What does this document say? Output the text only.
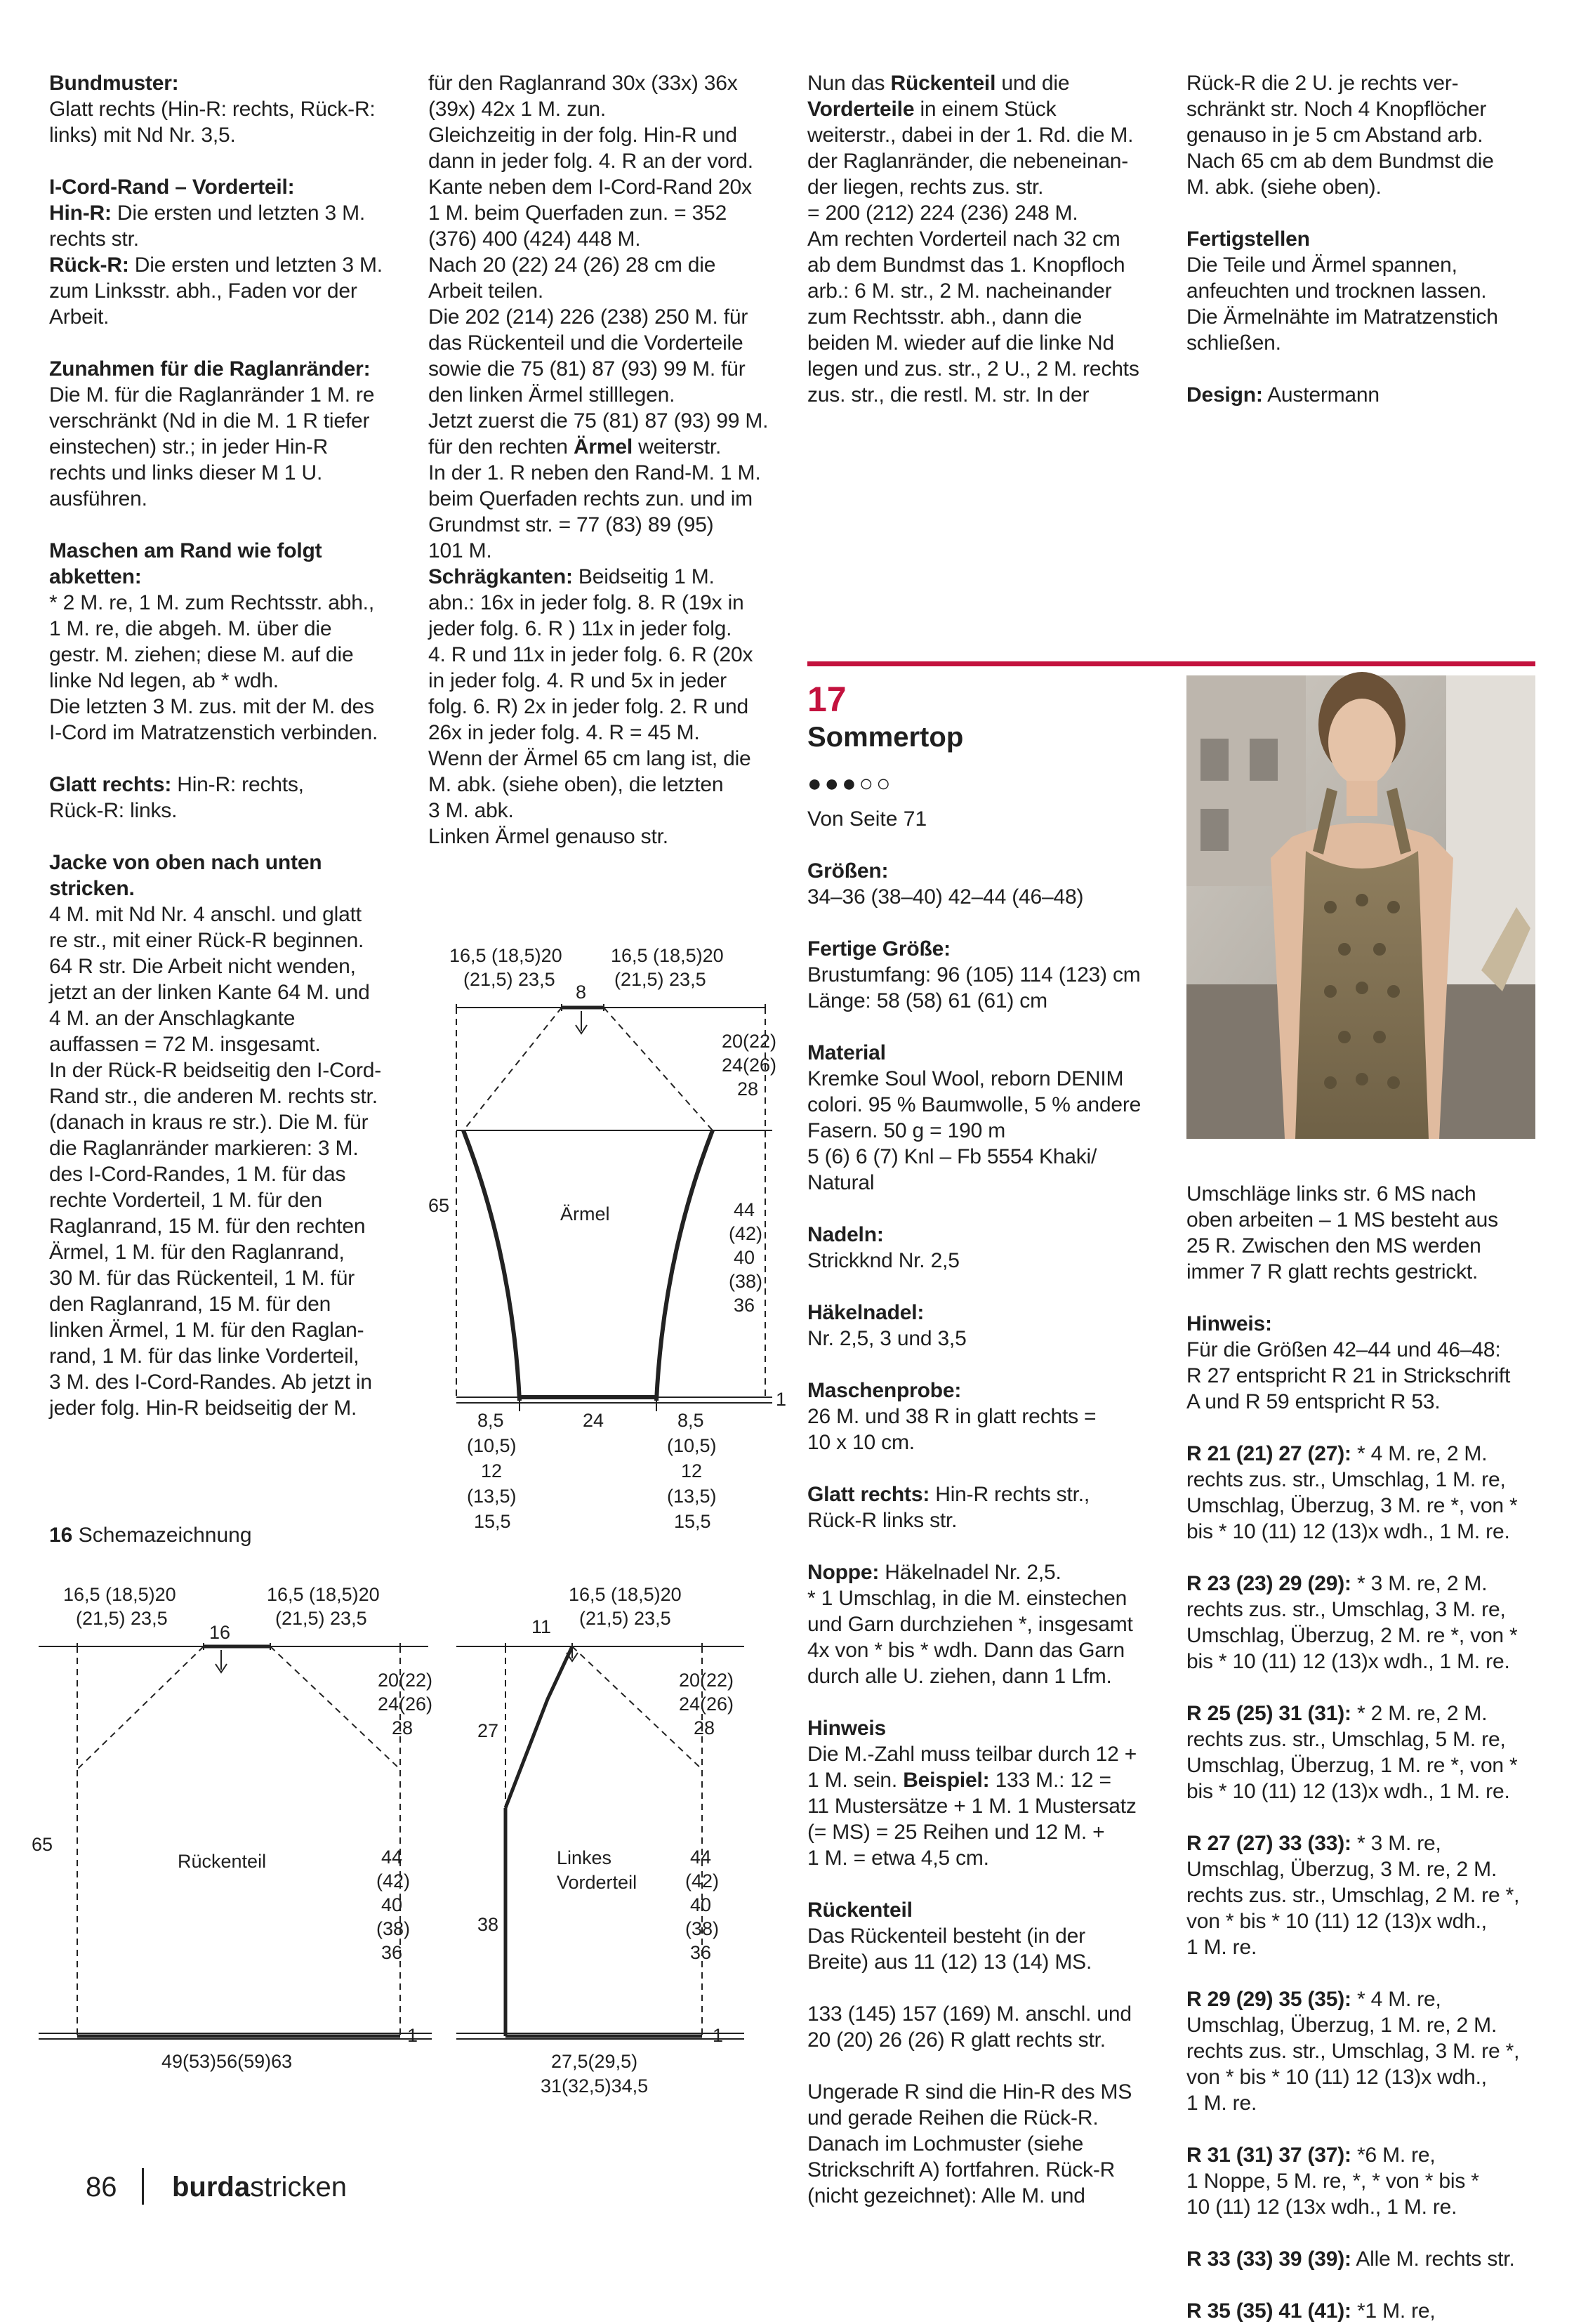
Bundmuster:
Glatt rechts (Hin-R: rechts, Rück-R:
links) mit Nd Nr. 3,5.

I-Cord-Rand – Vorderteil:
Hin-R: Die ersten und letzten 3 M.
rechts str.
Rück-R: Die ersten und letzten 3 M.
zum Linksstr. abh., Faden vor der
Arbeit.

Zunahmen für die Raglanränder:
Die M. für die Raglanränder 1 M. re
verschränkt (Nd in die M. 1 R tiefer
einstechen) str.; in jeder Hin-R
rechts und links dieser M 1 U.
ausführen.

Maschen am Rand wie folgt
abketten:
* 2 M. re, 1 M. zum Rechtsstr. abh.,
1 M. re, die abgeh. M. über die
gestr. M. ziehen; diese M. auf die
linke Nd legen, ab * wdh.
Die letzten 3 M. zus. mit der M. des
I-Cord im Matratzenstich verbinden.

Glatt rechts: Hin-R: rechts,
Rück-R: links.

Jacke von oben nach unten
stricken.
4 M. mit Nd Nr. 4 anschl. und glatt
re str., mit einer Rück-R beginnen.
64 R str. Die Arbeit nicht wenden,
jetzt an der linken Kante 64 M. und
4 M. an der Anschlagkante
auffassen = 72 M. insgesamt.
In der Rück-R beidseitig den I-Cord-
Rand str., die anderen M. rechts str.
(danach in kraus re str.). Die M. für
die Raglanränder markieren: 3 M.
des I-Cord-Randes, 1 M. für das
rechte Vorderteil, 1 M. für den
Raglanrand, 15 M. für den rechten
Ärmel, 1 M. für den Raglanrand,
30 M. für das Rückenteil, 1 M. für
den Raglanrand, 15 M. für den
linken Ärmel, 1 M. für den Raglan-
rand, 1 M. für das linke Vorderteil,
3 M. des I-Cord-Randes. Ab jetzt in
jeder folg. Hin-R beidseitig der M.

für den Raglanrand 30x (33x) 36x
(39x) 42x 1 M. zun.
Gleichzeitig in der folg. Hin-R und
dann in jeder folg. 4. R an der vord.
Kante neben dem I-Cord-Rand 20x
1 M. beim Querfaden zun. = 352
(376) 400 (424) 448 M.
Nach 20 (22) 24 (26) 28 cm die
Arbeit teilen.
Die 202 (214) 226 (238) 250 M. für
das Rückenteil und die Vorderteile
sowie die 75 (81) 87 (93) 99 M. für
den linken Ärmel stilllegen.
Jetzt zuerst die 75 (81) 87 (93) 99 M.
für den rechten Ärmel weiterstr.
In der 1. R neben den Rand-M. 1 M.
beim Querfaden rechts zun. und im
Grundmst str. = 77 (83) 89 (95)
101 M.
Schrägkanten: Beidseitig 1 M.
abn.: 16x in jeder folg. 8. R (19x in
jeder folg. 6. R ) 11x in jeder folg.
4. R und 11x in jeder folg. 6. R (20x
in jeder folg. 4. R und 5x in jeder
folg. 6. R) 2x in jeder folg. 2. R und
26x in jeder folg. 4. R = 45 M.
Wenn der Ärmel 65 cm lang ist, die
M. abk. (siehe oben), die letzten
3 M. abk.
Linken Ärmel genauso str.

Nun das Rückenteil und die
Vorderteile in einem Stück
weiterstr., dabei in der 1. Rd. die M.
der Raglanränder, die nebeneinan-
der liegen, rechts zus. str.
= 200 (212) 224 (236) 248 M.
Am rechten Vorderteil nach 32 cm
ab dem Bundmst das 1. Knopfloch
arb.: 6 M. str., 2 M. nacheinander
zum Rechtsstr. abh., dann die
beiden M. wieder auf die linke Nd
legen und zus. str., 2 U., 2 M. rechts
zus. str., die restl. M. str. In der

Rück-R die 2 U. je rechts ver-
schränkt str. Noch 4 Knopflöcher
genauso in je 5 cm Abstand arb.
Nach 65 cm ab dem Bundmst die
M. abk. (siehe oben).

Fertigstellen
Die Teile und Ärmel spannen,
anfeuchten und trocknen lassen.
Die Ärmelnähte im Matratzenstich
schließen.

Design: Austermann

17
Sommertop
●●●○○
Von Seite 71

Größen:
34–36 (38–40) 42–44 (46–48)

Fertige Größe:
Brustumfang: 96 (105) 114 (123) cm
Länge: 58 (58) 61 (61) cm

Material
Kremke Soul Wool, reborn DENIM
colori. 95 % Baumwolle, 5 % andere
Fasern. 50 g = 190 m
5 (6) 6 (7) Knl – Fb 5554 Khaki/
Natural

Nadeln:
Strickknd Nr. 2,5

Häkelnadel:
Nr. 2,5, 3 und 3,5

Maschenprobe:
26 M. und 38 R in glatt rechts =
10 x 10 cm.

Glatt rechts: Hin-R rechts str.,
Rück-R links str.

Noppe: Häkelnadel Nr. 2,5.
* 1 Umschlag, in die M. einstechen
und Garn durchziehen *, insgesamt
4x von * bis * wdh. Dann das Garn
durch alle U. ziehen, dann 1 Lfm.

Hinweis
Die M.-Zahl muss teilbar durch 12 +
1 M. sein. Beispiel: 133 M.: 12 =
11 Mustersätze + 1 M. 1 Mustersatz
(= MS) = 25 Reihen und 12 M. +
1 M. = etwa 4,5 cm.

Rückenteil
Das Rückenteil besteht (in der
Breite) aus 11 (12) 13 (14) MS.

133 (145) 157 (169) M. anschl. und
20 (20) 26 (26) R glatt rechts str.

Ungerade R sind die Hin-R des MS
und gerade Reihen die Rück-R.
Danach im Lochmuster (siehe
Strickschrift A) fortfahren. Rück-R
(nicht gezeichnet): Alle M. und

Umschläge links str. 6 MS nach
oben arbeiten – 1 MS besteht aus
25 R. Zwischen den MS werden
immer 7 R glatt rechts gestrickt.

Hinweis:
Für die Größen 42–44 und 46–48:
R 27 entspricht R 21 in Strickschrift
A und R 59 entspricht R 53.

R 21 (21) 27 (27): * 4 M. re, 2 M.
rechts zus. str., Umschlag, 1 M. re,
Umschlag, Überzug, 3 M. re *, von *
bis * 10 (11) 12 (13)x wdh., 1 M. re.

R 23 (23) 29 (29): * 3 M. re, 2 M.
rechts zus. str., Umschlag, 3 M. re,
Umschlag, Überzug, 2 M. re *, von *
bis * 10 (11) 12 (13)x wdh., 1 M. re.

R 25 (25) 31 (31): * 2 M. re, 2 M.
rechts zus. str., Umschlag, 5 M. re,
Umschlag, Überzug, 1 M. re *, von *
bis * 10 (11) 12 (13)x wdh., 1 M. re.

R 27 (27) 33 (33): * 3 M. re,
Umschlag, Überzug, 3 M. re, 2 M.
rechts zus. str., Umschlag, 2 M. re *,
von * bis * 10 (11) 12 (13)x wdh.,
1 M. re.

R 29 (29) 35 (35): * 4 M. re,
Umschlag, Überzug, 1 M. re, 2 M.
rechts zus. str., Umschlag, 3 M. re *,
von * bis * 10 (11) 12 (13)x wdh.,
1 M. re.

R 31 (31) 37 (37): *6 M. re,
1 Noppe, 5 M. re, *, * von * bis *
10 (11) 12 (13x wdh., 1 M. re.

R 33 (33) 39 (39): Alle M. rechts str.

R 35 (35) 41 (41): *1 M. re,

16,5 (18,5)20
(21,5) 23,5
8
16,5 (18,5)20
(21,5) 23,5
20(22)
24(26)
28
65	Ärmel	44
(42)
40
(38)
36
1
24
8,5
(10,5)
12
(13,5)
15,5
8,5
(10,5)
12
(13,5)
15,5
16 Schemazeichnung
16,5 (18,5)20
(21,5) 23,5
16
16,5 (18,5)20
(21,5) 23,5
20(22)
24(26)
28
65
Rückenteil	44
(42)
40
(38)
36
1
49(53)56(59)63
16,5 (18,5)20
(21,5) 23,5
11
20(22)
24(26)
28
27
38
Linkes
Vorderteil
44
(42)
40
(38)
36
1
27,5(29,5)
31(32,5)34,5
86 burdastricken
